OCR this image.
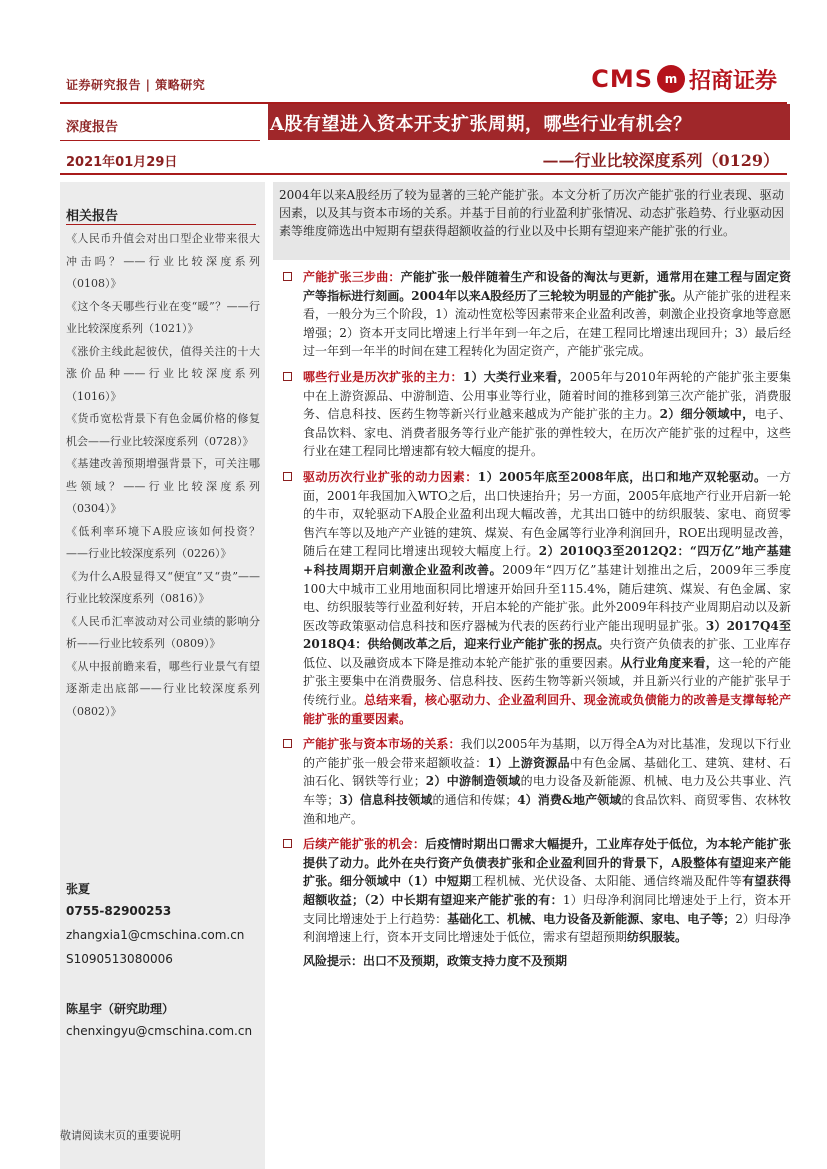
证券研究报告 | 策略研究	CMS m 招商证券
深度报告	A股有望进入资本开支扩张周期，哪些行业有机会？
2021年01月29日	——行业比较深度系列（0129）
相关报告
《人民币升值会对出口型企业带来很大冲击吗？——行业比较深度系列（0108）》
《这个冬天哪些行业在变“暖”？——行业比较深度系列（1021）》
《涨价主线此起彼伏，值得关注的十大涨价品种——行业比较深度系列（1016）》
《货币宽松背景下有色金属价格的修复机会——行业比较深度系列（0728）》
《基建改善预期增强背景下，可关注哪些领域？——行业比较深度系列（0304）》
《低利率环境下A股应该如何投资？——行业比较深度系列（0226）》
《为什么A股显得又“便宜”又“贵”——行业比较深度系列（0816）》
《人民币汇率波动对公司业绩的影响分析——行业比较系列（0809）》
《从中报前瞻来看，哪些行业景气有望逐渐走出底部——行业比较深度系列（0802）》
张夏
0755-82900253
zhangxia1@cmschina.com.cn
S1090513080006
陈星宇（研究助理）
chenxingyu@cmschina.com.cn
2004年以来A股经历了较为显著的三轮产能扩张。本文分析了历次产能扩张的行业表现、驱动因素，以及其与资本市场的关系。并基于目前的行业盈利扩张情况、动态扩张趋势、行业驱动因素等维度筛选出中短期有望获得超额收益的行业以及中长期有望迎来产能扩张的行业。
产能扩张三步曲：产能扩张一般伴随着生产和设备的淘汰与更新，通常用在建工程与固定资产等指标进行刻画。2004年以来A股经历了三轮较为明显的产能扩张。从产能扩张的进程来看，一般分为三个阶段，1）流动性宽松等因素带来企业盈利改善，刺激企业投资拿地等意愿增强；2）资本开支同比增速上行半年到一年之后，在建工程同比增速出现回升；3）最后经过一年到一年半的时间在建工程转化为固定资产，产能扩张完成。
哪些行业是历次扩张的主力：1）大类行业来看，2005年与2010年两轮的产能扩张主要集中在上游资源品、中游制造、公用事业等行业，随着时间的推移到第三次产能扩张，消费服务、信息科技、医药生物等新兴行业越来越成为产能扩张的主力。2）细分领域中，电子、食品饮料、家电、消费者服务等行业产能扩张的弹性较大，在历次产能扩张的过程中，这些行业在建工程同比增速都有较大幅度的提升。
驱动历次行业扩张的动力因素：1）2005年底至2008年底，出口和地产双轮驱动。一方面，2001年我国加入WTO之后，出口快速抬升；另一方面，2005年底地产行业开启新一轮的牛市，双轮驱动下A股企业盈利出现大幅改善，尤其出口链中的纺织服装、家电、商贸零售汽车等以及地产产业链的建筑、煤炭、有色金属等行业净利润回升，ROE出现明显改善，随后在建工程同比增速出现较大幅度上行。2）2010Q3至2012Q2：“四万亿”地产基建+科技周期开启刺激企业盈利改善。2009年“四万亿”基建计划推出之后，2009年三季度100大中城市工业用地面积同比增速开始回升至115.4%，随后建筑、煤炭、有色金属、家电、纺织服装等行业盈利好转，开启本轮的产能扩张。此外2009年科技产业周期启动以及新医改等政策驱动信息科技和医疗器械为代表的医药行业产能出现明显扩张。3）2017Q4至2018Q4：供给侧改革之后，迎来行业产能扩张的拐点。央行资产负债表的扩张、工业库存低位、以及融资成本下降是推动本轮产能扩张的重要因素。从行业角度来看，这一轮的产能扩张主要集中在消费服务、信息科技、医药生物等新兴领域，并且新兴行业的产能扩张早于传统行业。总结来看，核心驱动力、企业盈利回升、现金流或负债能力的改善是支撑每轮产能扩张的重要因素。
产能扩张与资本市场的关系：我们以2005年为基期，以万得全A为对比基准，发现以下行业的产能扩张一般会带来超额收益：1）上游资源品中有色金属、基础化工、建筑、建材、石油石化、钢铁等行业；2）中游制造领域的电力设备及新能源、机械、电力及公共事业、汽车等；3）信息科技领域的通信和传媒；4）消费&地产领域的食品饮料、商贸零售、农林牧渔和地产。
后续产能扩张的机会：后疫情时期出口需求大幅提升，工业库存处于低位，为本轮产能扩张提供了动力。此外在央行资产负债表扩张和企业盈利回升的背景下，A股整体有望迎来产能扩张。细分领域中（1）中短期工程机械、光伏设备、太阳能、通信终端及配件等有望获得超额收益；（2）中长期有望迎来产能扩张的有：1）归母净利润同比增速处于上行，资本开支同比增速处于上行趋势：基础化工、机械、电力设备及新能源、家电、电子等；2）归母净利润增速上行，资本开支同比增速处于低位，需求有望超预期纺织服装。
风险提示：出口不及预期，政策支持力度不及预期
敬请阅读末页的重要说明
